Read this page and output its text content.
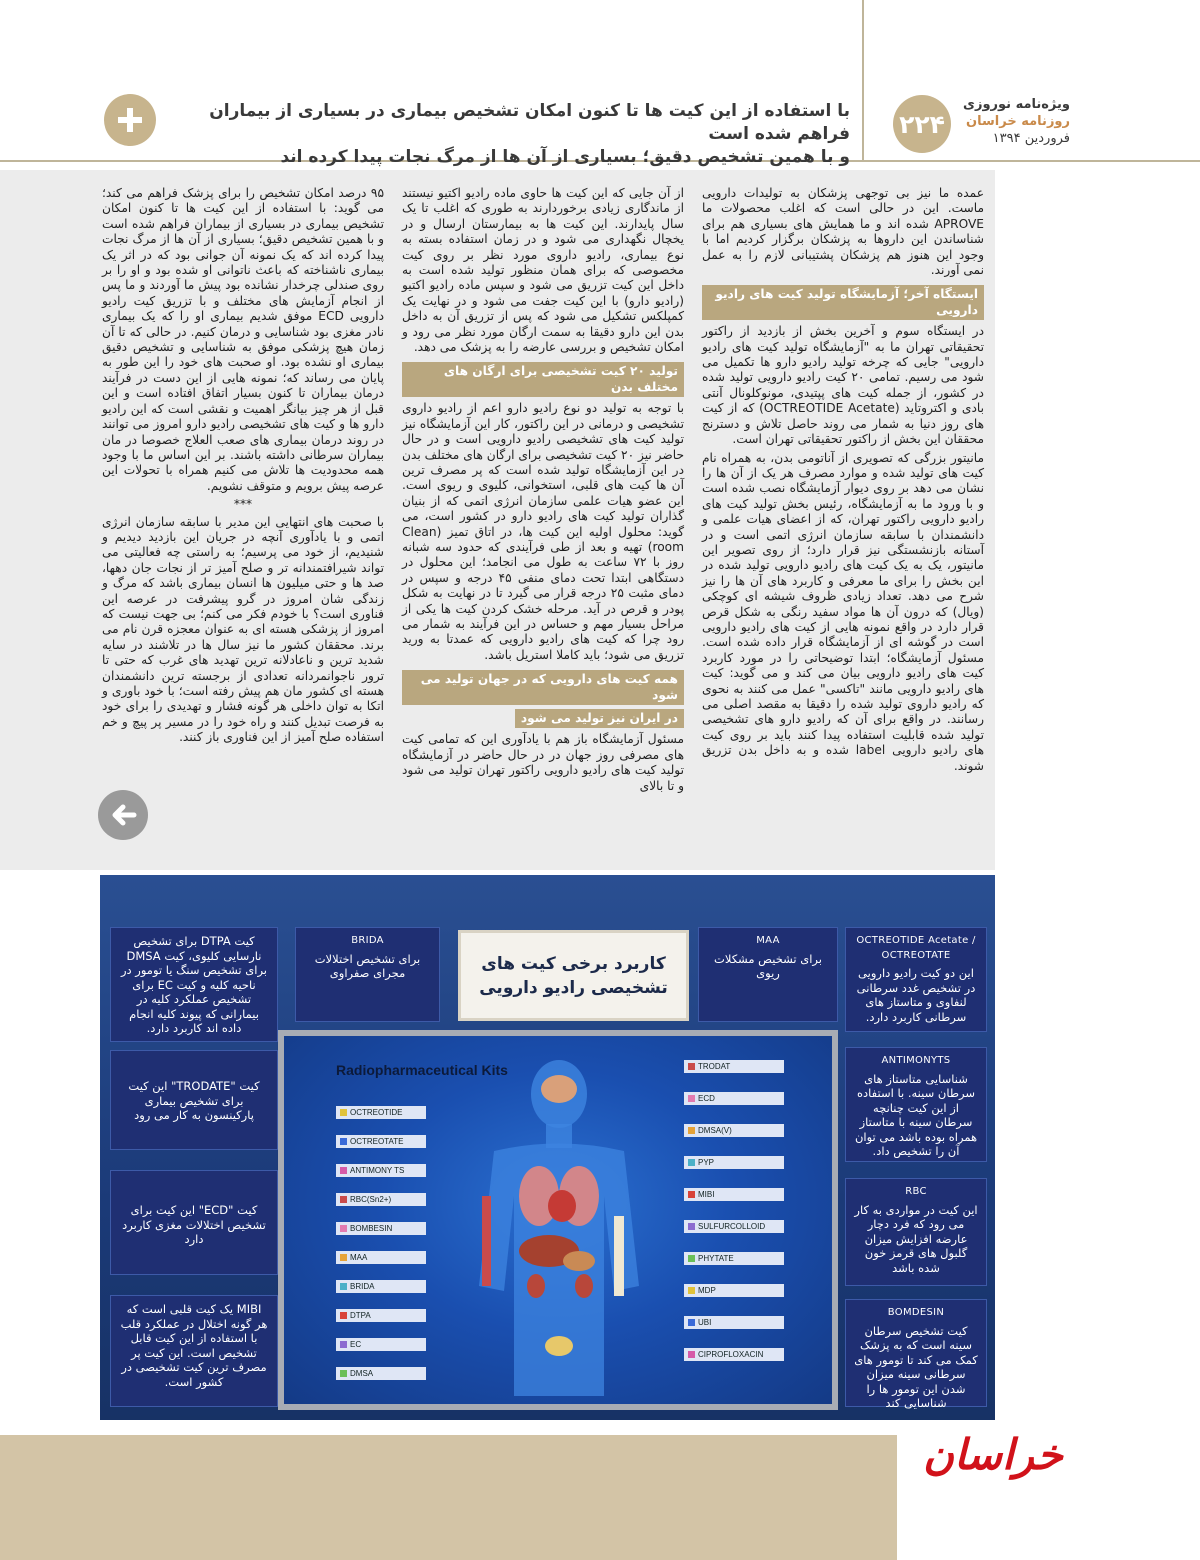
۲۲۴
ویژه‌نامه نوروزی
روزنامه خراسان
فروردین ۱۳۹۴
با استفاده از این کیت ها تا کنون امکان تشخیص بیماری در بسیاری از بیماران فراهم شده است
و با همین تشخیص دقیق؛ بسیاری از آن ها از مرگ نجات پیدا کرده اند

عمده ما نیز بی توجهی پزشکان به تولیدات دارویی ماست. این در حالی است که اغلب محصولات ما APROVE شده اند و ما همایش های بسیاری هم برای شناساندن این داروها به پزشکان برگزار کردیم اما با وجود این هنوز هم پزشکان پشتیبانی لازم را به عمل نمی آورند.

ایستگاه آخر؛ آزمایشگاه تولید کیت های رادیو دارویی

در ایستگاه سوم و آخرین بخش از بازدید از راکتور تحقیقاتی تهران ما به "آزمایشگاه تولید کیت های رادیو دارویی" جایی که چرخه تولید رادیو دارو ها تکمیل می شود می رسیم. تمامی ۲۰ کیت رادیو دارویی تولید شده در کشور، از جمله کیت های پپتیدی، مونوکلونال آنتی بادی و اکتروتاید (OCTREOTIDE Acetate) که از کیت های روز دنیا به شمار می روند حاصل تلاش و دسترنج محققان این بخش از راکتور تحقیقاتی تهران است.

مانیتور بزرگی که تصویری از آناتومی بدن، به همراه نام کیت های تولید شده و موارد مصرف هر یک از آن ها را نشان می دهد بر روی دیوار آزمایشگاه نصب شده است و با ورود ما به آزمایشگاه، رئیس بخش تولید کیت های رادیو دارویی راکتور تهران، که از اعضای هیات علمی و دانشمندان با سابقه سازمان انرژی اتمی است و در آستانه بازنشستگی نیز قرار دارد؛ از روی تصویر این مانیتور، یک به یک کیت های رادیو دارویی تولید شده در این بخش را برای ما معرفی و کاربرد های آن ها را نیز شرح می دهد. تعداد زیادی ظروف شیشه ای کوچکی (ویال) که درون آن ها مواد سفید رنگی به شکل قرص قرار دارد در واقع نمونه هایی از کیت های رادیو دارویی است در گوشه ای از آزمایشگاه قرار داده شده است. مسئول آزمایشگاه؛ ابتدا توضیحاتی را در مورد کاربرد کیت های رادیو دارویی بیان می کند و می گوید: کیت های رادیو دارویی مانند "تاکسی" عمل می کنند به نحوی که رادیو داروی تولید شده را دقیقا به مقصد اصلی می رسانند. در واقع برای آن که رادیو دارو های تشخیصی تولید شده قابلیت استفاده پیدا کنند باید بر روی کیت های رادیو دارویی label شده و به داخل بدن تزریق شوند.

از آن جایی که این کیت ها حاوی ماده رادیو اکتیو نیستند از ماندگاری زیادی برخوردارند به طوری که اغلب تا یک سال پایدارند. این کیت ها به بیمارستان ارسال و در یخچال نگهداری می شود و در زمان استفاده بسته به نوع بیماری، رادیو داروی مورد نظر بر روی کیت مخصوصی که برای همان منظور تولید شده است به داخل این کیت تزریق می شود و سپس ماده رادیو اکتیو (رادیو دارو) با این کیت جفت می شود و در نهایت یک کمپلکس تشکیل می شود که پس از تزریق آن به داخل بدن این دارو دقیقا به سمت ارگان مورد نظر می رود و امکان تشخیص و بررسی عارضه را به پزشک می دهد.

تولید ۲۰ کیت تشخیصی برای ارگان های مختلف بدن

با توجه به تولید دو نوع رادیو دارو اعم از رادیو داروی تشخیصی و درمانی در این راکتور، کار این آزمایشگاه نیز تولید کیت های تشخیصی رادیو دارویی است و در حال حاضر نیز ۲۰ کیت تشخیصی برای ارگان های مختلف بدن در این آزمایشگاه تولید شده است که پر مصرف ترین آن ها کیت های قلبی، استخوانی، کلیوی و ریوی است. این عضو هیات علمی سازمان انرژی اتمی که از بنیان گذاران تولید کیت های رادیو دارو در کشور است، می گوید: محلول اولیه این کیت ها، در اتاق تمیز (Clean room) تهیه و بعد از طی فرآیندی که حدود سه شبانه روز با ۷۲ ساعت به طول می انجامد؛ این محلول در دستگاهی ابتدا تحت دمای منفی ۴۵ درجه و سپس در دمای مثبت ۲۵ درجه قرار می گیرد تا در نهایت به شکل پودر و قرص در آید. مرحله خشک کردن کیت ها یکی از مراحل بسیار مهم و حساس در این فرآیند به شمار می رود چرا که کیت های رادیو دارویی که عمدتا به ورید تزریق می شود؛ باید کاملا استریل باشد.

همه کیت های دارویی که در جهان تولید می شود
در ایران نیز تولید می شود

مسئول آزمایشگاه باز هم با یادآوری این که تمامی کیت های مصرفی روز جهان در در حال حاضر در آزمایشگاه تولید کیت های رادیو دارویی راکتور تهران تولید می شود و تا بالای

۹۵ درصد امکان تشخیص را برای پزشک فراهم می کند؛ می گوید: با استفاده از این کیت ها تا کنون امکان تشخیص بیماری در بسیاری از بیماران فراهم شده است و با همین تشخیص دقیق؛ بسیاری از آن ها از مرگ نجات پیدا کرده اند که یک نمونه آن جوانی بود که در اثر یک بیماری ناشناخته که باعث ناتوانی او شده بود و او را بر روی صندلی چرخدار نشانده بود پیش ما آوردند و ما پس از انجام آزمایش های مختلف و با تزریق کیت رادیو دارویی ECD موفق شدیم بیماری او را که یک بیماری نادر مغزی بود شناسایی و درمان کنیم. در حالی که تا آن زمان هیچ پزشکی موفق به شناسایی و تشخیص دقیق بیماری او نشده بود. او صحبت های خود را این طور به پایان می رساند که؛ نمونه هایی از این دست در فرآیند درمان بیماران تا کنون بسیار اتفاق افتاده است و این قبل از هر چیز بیانگر اهمیت و نقشی است که این رادیو دارو ها و کیت های تشخیصی رادیو دارو امروز می توانند در روند درمان بیماری های صعب العلاج خصوصا در مان بیماران سرطانی داشته باشند. بر این اساس ما با وجود همه محدودیت ها تلاش می کنیم همراه با تحولات این عرصه پیش برویم و متوقف نشویم.

***

با صحبت های انتهایی این مدیر با سابقه سازمان انرژی اتمی و با یادآوری آنچه در جریان این بازدید دیدیم و شنیدیم، از خود می پرسیم؛ به راستی چه فعالیتی می تواند شیرافتمندانه تر و صلح آمیز تر از نجات جان دهها، صد ها و حتی میلیون ها انسان بیماری باشد که مرگ و زندگی شان امروز در گرو پیشرفت در عرصه این فناوری است؟ با خودم فکر می کنم؛ بی جهت نیست که امروز از پزشکی هسته ای به عنوان معجزه قرن نام می برند. محققان کشور ما نیز سال ها در تلاشند در سایه شدید ترین و ناعادلانه ترین تهدید های غرب که حتی تا ترور ناجوانمردانه تعدادی از برجسته ترین دانشمندان هسته ای کشور مان هم پیش رفته است؛ با خود باوری و اتکا به توان داخلی هر گونه فشار و تهدیدی را برای خود به فرصت تبدیل کنند و راه خود را در مسیر پر پیچ و خم استفاده صلح آمیز از این فناوری باز کنند.

کاربرد برخی کیت های
تشخیصی رادیو دارویی
کیت DTPA برای تشخیص نارسایی کلیوی، کیت DMSA برای تشخیص سنگ یا تومور در ناحیه کلیه و کیت EC برای تشخیص عملکرد کلیه در بیمارانی که پیوند کلیه انجام داده اند کاربرد دارد.
کیت "TRODATE" این کیت برای تشخیص بیماری پارکینسون به کار می رود
کیت "ECD" این کیت برای تشخیص اختلالات مغزی کاربرد دارد
MIBI یک کیت قلبی است که هر گونه اختلال در عملکرد قلب با استفاده از این کیت قابل تشخیص است. این کیت پر مصرف ترین کیت تشخیصی در کشور است.
BRIDA
برای تشخیص اختلالات مجرای صفراوی
MAA
برای تشخیص مشکلات ریوی
OCTREOTIDE Acetate / OCTREOTATE
این دو کیت رادیو دارویی در تشخیص غدد سرطانی لنفاوی و متاستاز های سرطانی کاربرد دارد.
ANTIMONYTS
شناسایی متاستاز های سرطان سینه. با استفاده از این کیت چنانچه سرطان سینه با متاستاز همراه بوده باشد می توان آن را تشخیص داد.
RBC
این کیت در مواردی به کار می رود که فرد دچار عارضه افزایش میزان گلبول های قرمز خون شده باشد
BOMDESIN
کیت تشخیص سرطان سینه است که به پزشک کمک می کند تا تومور های سرطانی سینه میزان شدن این تومور ها را شناسایی کند
Radiopharmaceutical Kits
OCTREOTIDE
OCTREOTATE
ANTIMONY TS
RBC(Sn2+)
BOMBESIN
MAA
BRIDA
DTPA
EC
DMSA
TRODAT
ECD
DMSA(V)
PYP
MIBI
SULFURCOLLOID
PHYTATE
MDP
UBI
CIPROFLOXACIN
خراسان
